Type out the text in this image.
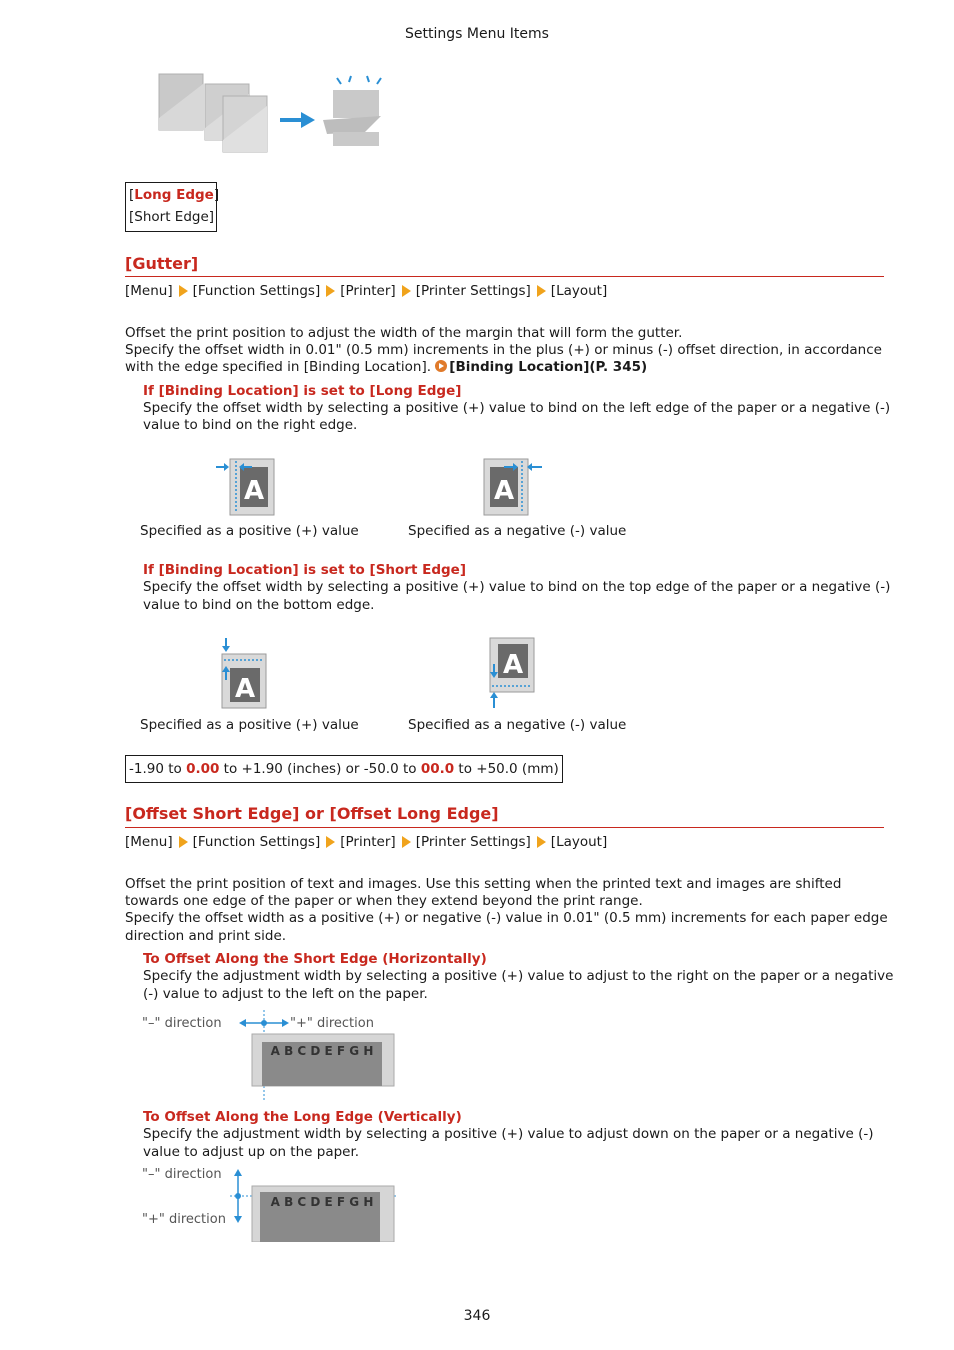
Settings Menu Items
[Long Edge]
[Short Edge]
[Gutter]
[Menu] [Function Settings] [Printer] [Printer Settings] [Layout]
Offset the print position to adjust the width of the margin that will form the gutter.
Specify the offset width in 0.01" (0.5 mm) increments in the plus (+) or minus (-) offset direction, in accordance
with the edge specified in [Binding Location]. [Binding Location](P. 345)
If [Binding Location] is set to [Long Edge]
Specify the offset width by selecting a positive (+) value to bind on the left edge of the paper or a negative (-)
value to bind on the right edge.
A	A
Specified as a positive (+) value	Specified as a negative (-) value
If [Binding Location] is set to [Short Edge]
Specify the offset width by selecting a positive (+) value to bind on the top edge of the paper or a negative (-)
value to bind on the bottom edge.
A
A
Specified as a positive (+) value	Specified as a negative (-) value
-1.90 to 0.00 to +1.90 (inches) or -50.0 to 00.0 to +50.0 (mm)
[Offset Short Edge] or [Offset Long Edge]
[Menu] [Function Settings] [Printer] [Printer Settings] [Layout]
Offset the print position of text and images. Use this setting when the printed text and images are shifted
towards one edge of the paper or when they extend beyond the print range.
Specify the offset width as a positive (+) or negative (-) value in 0.01" (0.5 mm) increments for each paper edge
direction and print side.
To Offset Along the Short Edge (Horizontally)
Specify the adjustment width by selecting a positive (+) value to adjust to the right on the paper or a negative
(-) value to adjust to the left on the paper.
"–" direction	"+" direction
A B C D E F G H
To Offset Along the Long Edge (Vertically)
Specify the adjustment width by selecting a positive (+) value to adjust down on the paper or a negative (-)
value to adjust up on the paper.
"–" direction
"+" direction
A B C D E F G H
346
